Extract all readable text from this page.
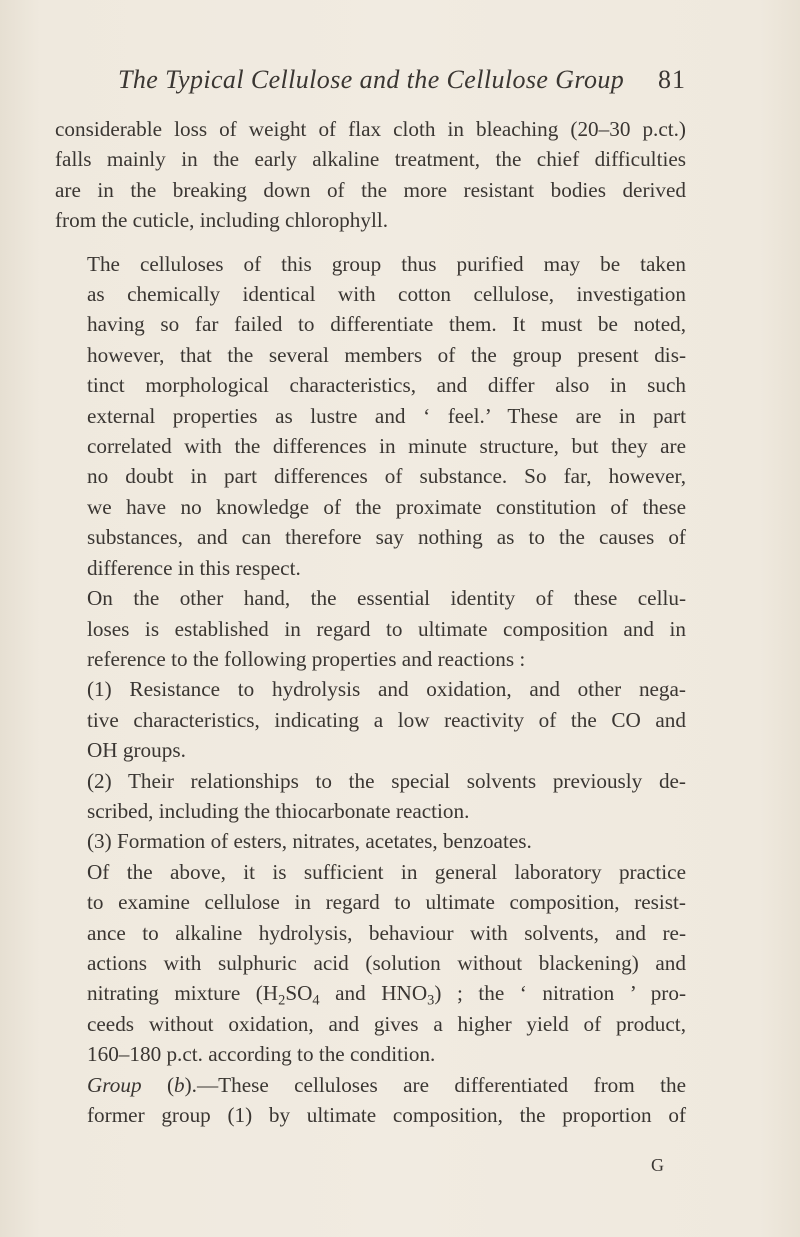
The Typical Cellulose and the Cellulose Group 81

considerable loss of weight of flax cloth in bleaching (20–30 p.ct.)
falls mainly in the early alkaline treatment, the chief difficulties
are in the breaking down of the more resistant bodies derived
from the cuticle, including chlorophyll.

The celluloses of this group thus purified may be taken
as chemically identical with cotton cellulose, investigation
having so far failed to differentiate them. It must be noted,
however, that the several members of the group present dis-
tinct morphological characteristics, and differ also in such
external properties as lustre and ‘ feel.’ These are in part
correlated with the differences in minute structure, but they are
no doubt in part differences of substance. So far, however,
we have no knowledge of the proximate constitution of these
substances, and can therefore say nothing as to the causes of
difference in this respect.

On the other hand, the essential identity of these cellu-
loses is established in regard to ultimate composition and in
reference to the following properties and reactions :

(1) Resistance to hydrolysis and oxidation, and other nega-
tive characteristics, indicating a low reactivity of the CO and
OH groups.

(2) Their relationships to the special solvents previously de-
scribed, including the thiocarbonate reaction.

(3) Formation of esters, nitrates, acetates, benzoates.

Of the above, it is sufficient in general laboratory practice
to examine cellulose in regard to ultimate composition, resist-
ance to alkaline hydrolysis, behaviour with solvents, and re-
actions with sulphuric acid (solution without blackening) and
nitrating mixture ($H_2SO_4$ and $HNO_3$) ; the ‘ nitration ’ pro-
ceeds without oxidation, and gives a higher yield of product,
160–180 p.ct. according to the condition.

Group (b).—These celluloses are differentiated from the
former group (1) by ultimate composition, the proportion of

G
